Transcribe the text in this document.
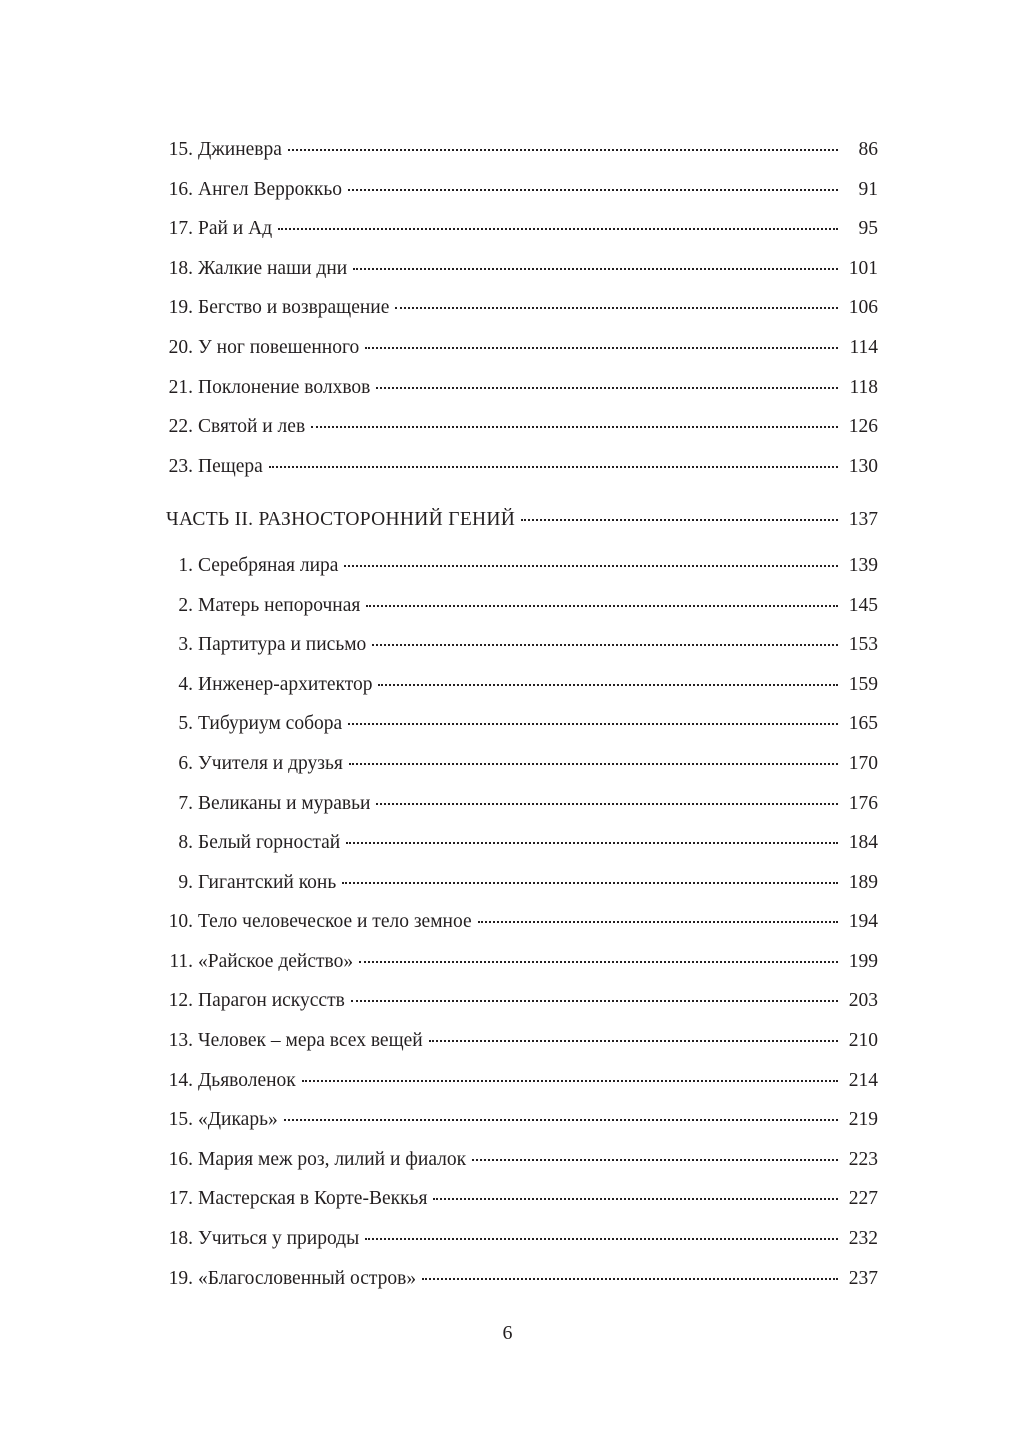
15. Джиневра	86
16. Ангел Верроккьо	91
17. Рай и Ад	95
18. Жалкие наши дни	101
19. Бегство и возвращение	106
20. У ног повешенного	114
21. Поклонение волхвов	118
22. Святой и лев	126
23. Пещера	130
ЧАСТЬ II. РАЗНОСТОРОННИЙ ГЕНИЙ	137
1. Серебряная лира	139
2. Матерь непорочная	145
3. Партитура и письмо	153
4. Инженер-архитектор	159
5. Тибуриум собора	165
6. Учителя и друзья	170
7. Великаны и муравьи	176
8. Белый горностай	184
9. Гигантский конь	189
10. Тело человеческое и тело земное	194
11. «Райское действо»	199
12. Парагон искусств	203
13. Человек – мера всех вещей	210
14. Дьяволенок	214
15. «Дикарь»	219
16. Мария меж роз, лилий и фиалок	223
17. Мастерская в Корте-Веккья	227
18. Учиться у природы	232
19. «Благословенный остров»	237
6
